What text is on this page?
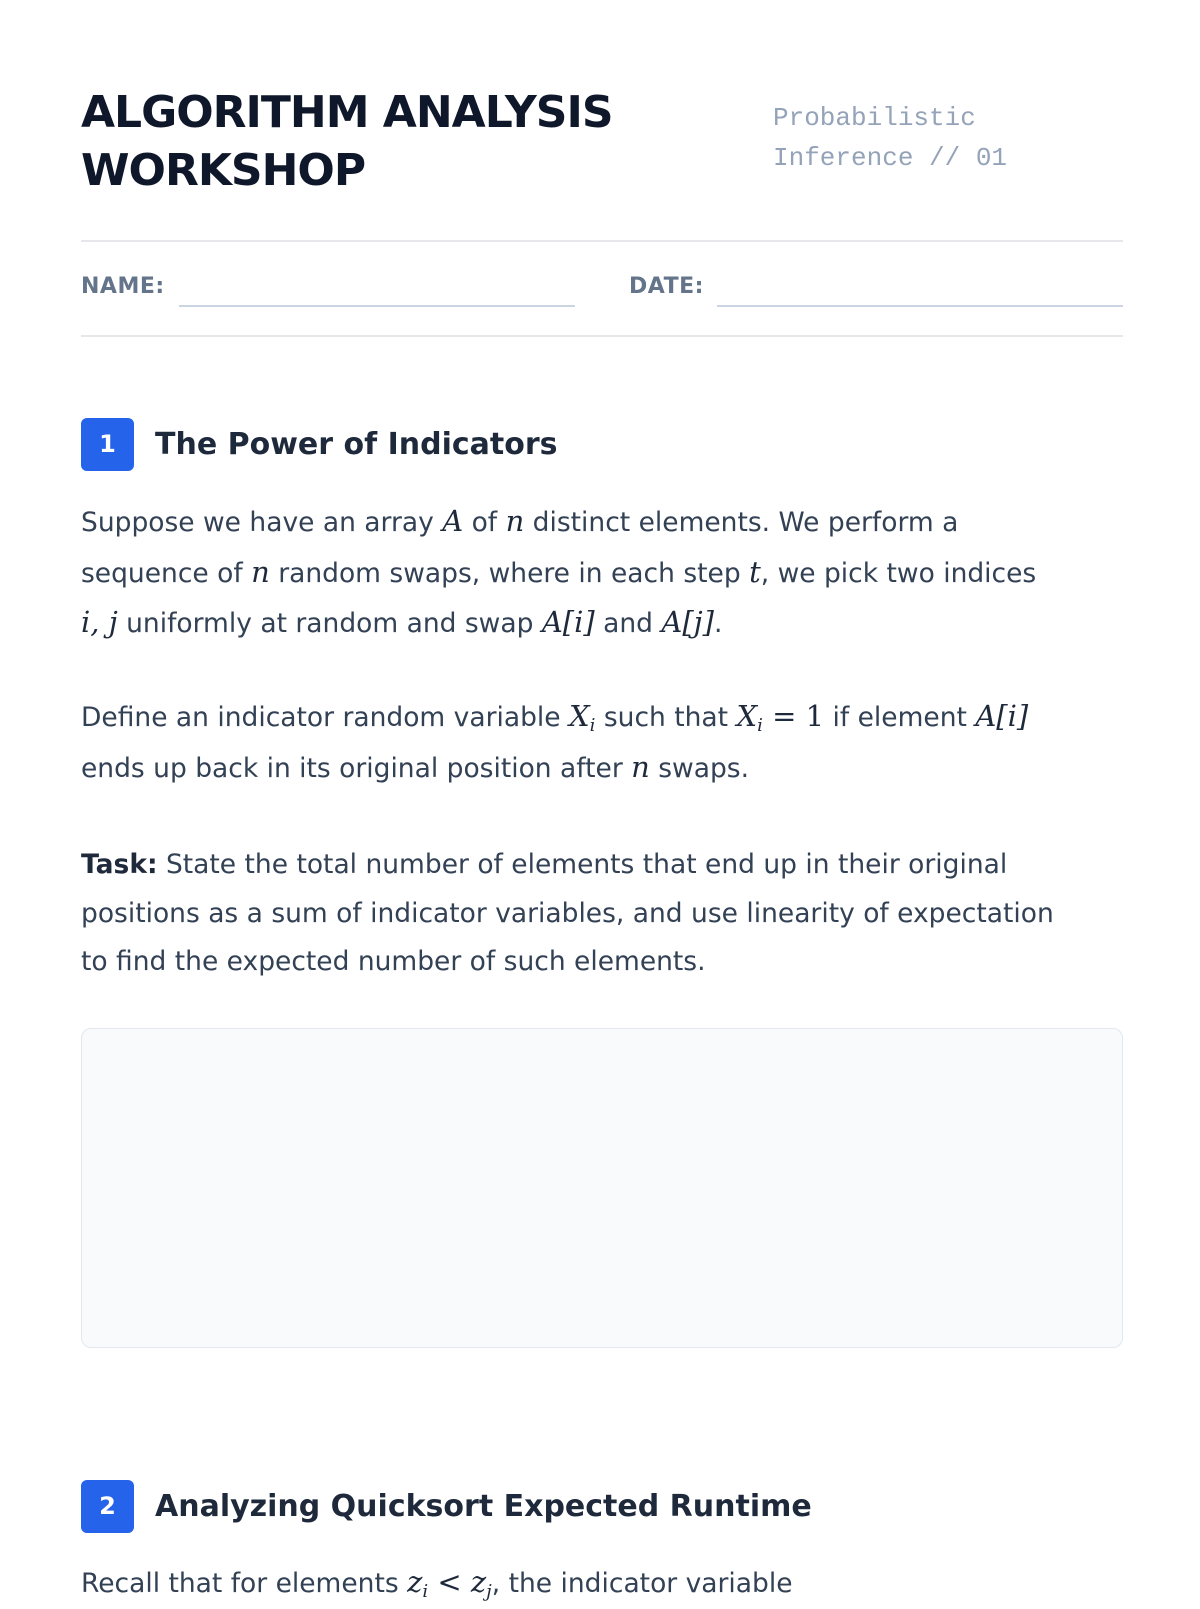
ALGORITHM ANALYSIS
WORKSHOP
Probabilistic
Inference // 01
NAME:	DATE:
1	The Power of Indicators

Suppose we have an array A of n distinct elements. We perform a
sequence of n random swaps, where in each step t, we pick two indices
i, j uniformly at random and swap A[i] and A[j].

Define an indicator random variable $X_i$ such that $X_i = 1$ if element A[i]
ends up back in its original position after n swaps.

Task: State the total number of elements that end up in their original
positions as a sum of indicator variables, and use linearity of expectation
to find the expected number of such elements.

2	Analyzing Quicksort Expected Runtime

Recall that for elements $z_i < z_j$, the indicator variable
